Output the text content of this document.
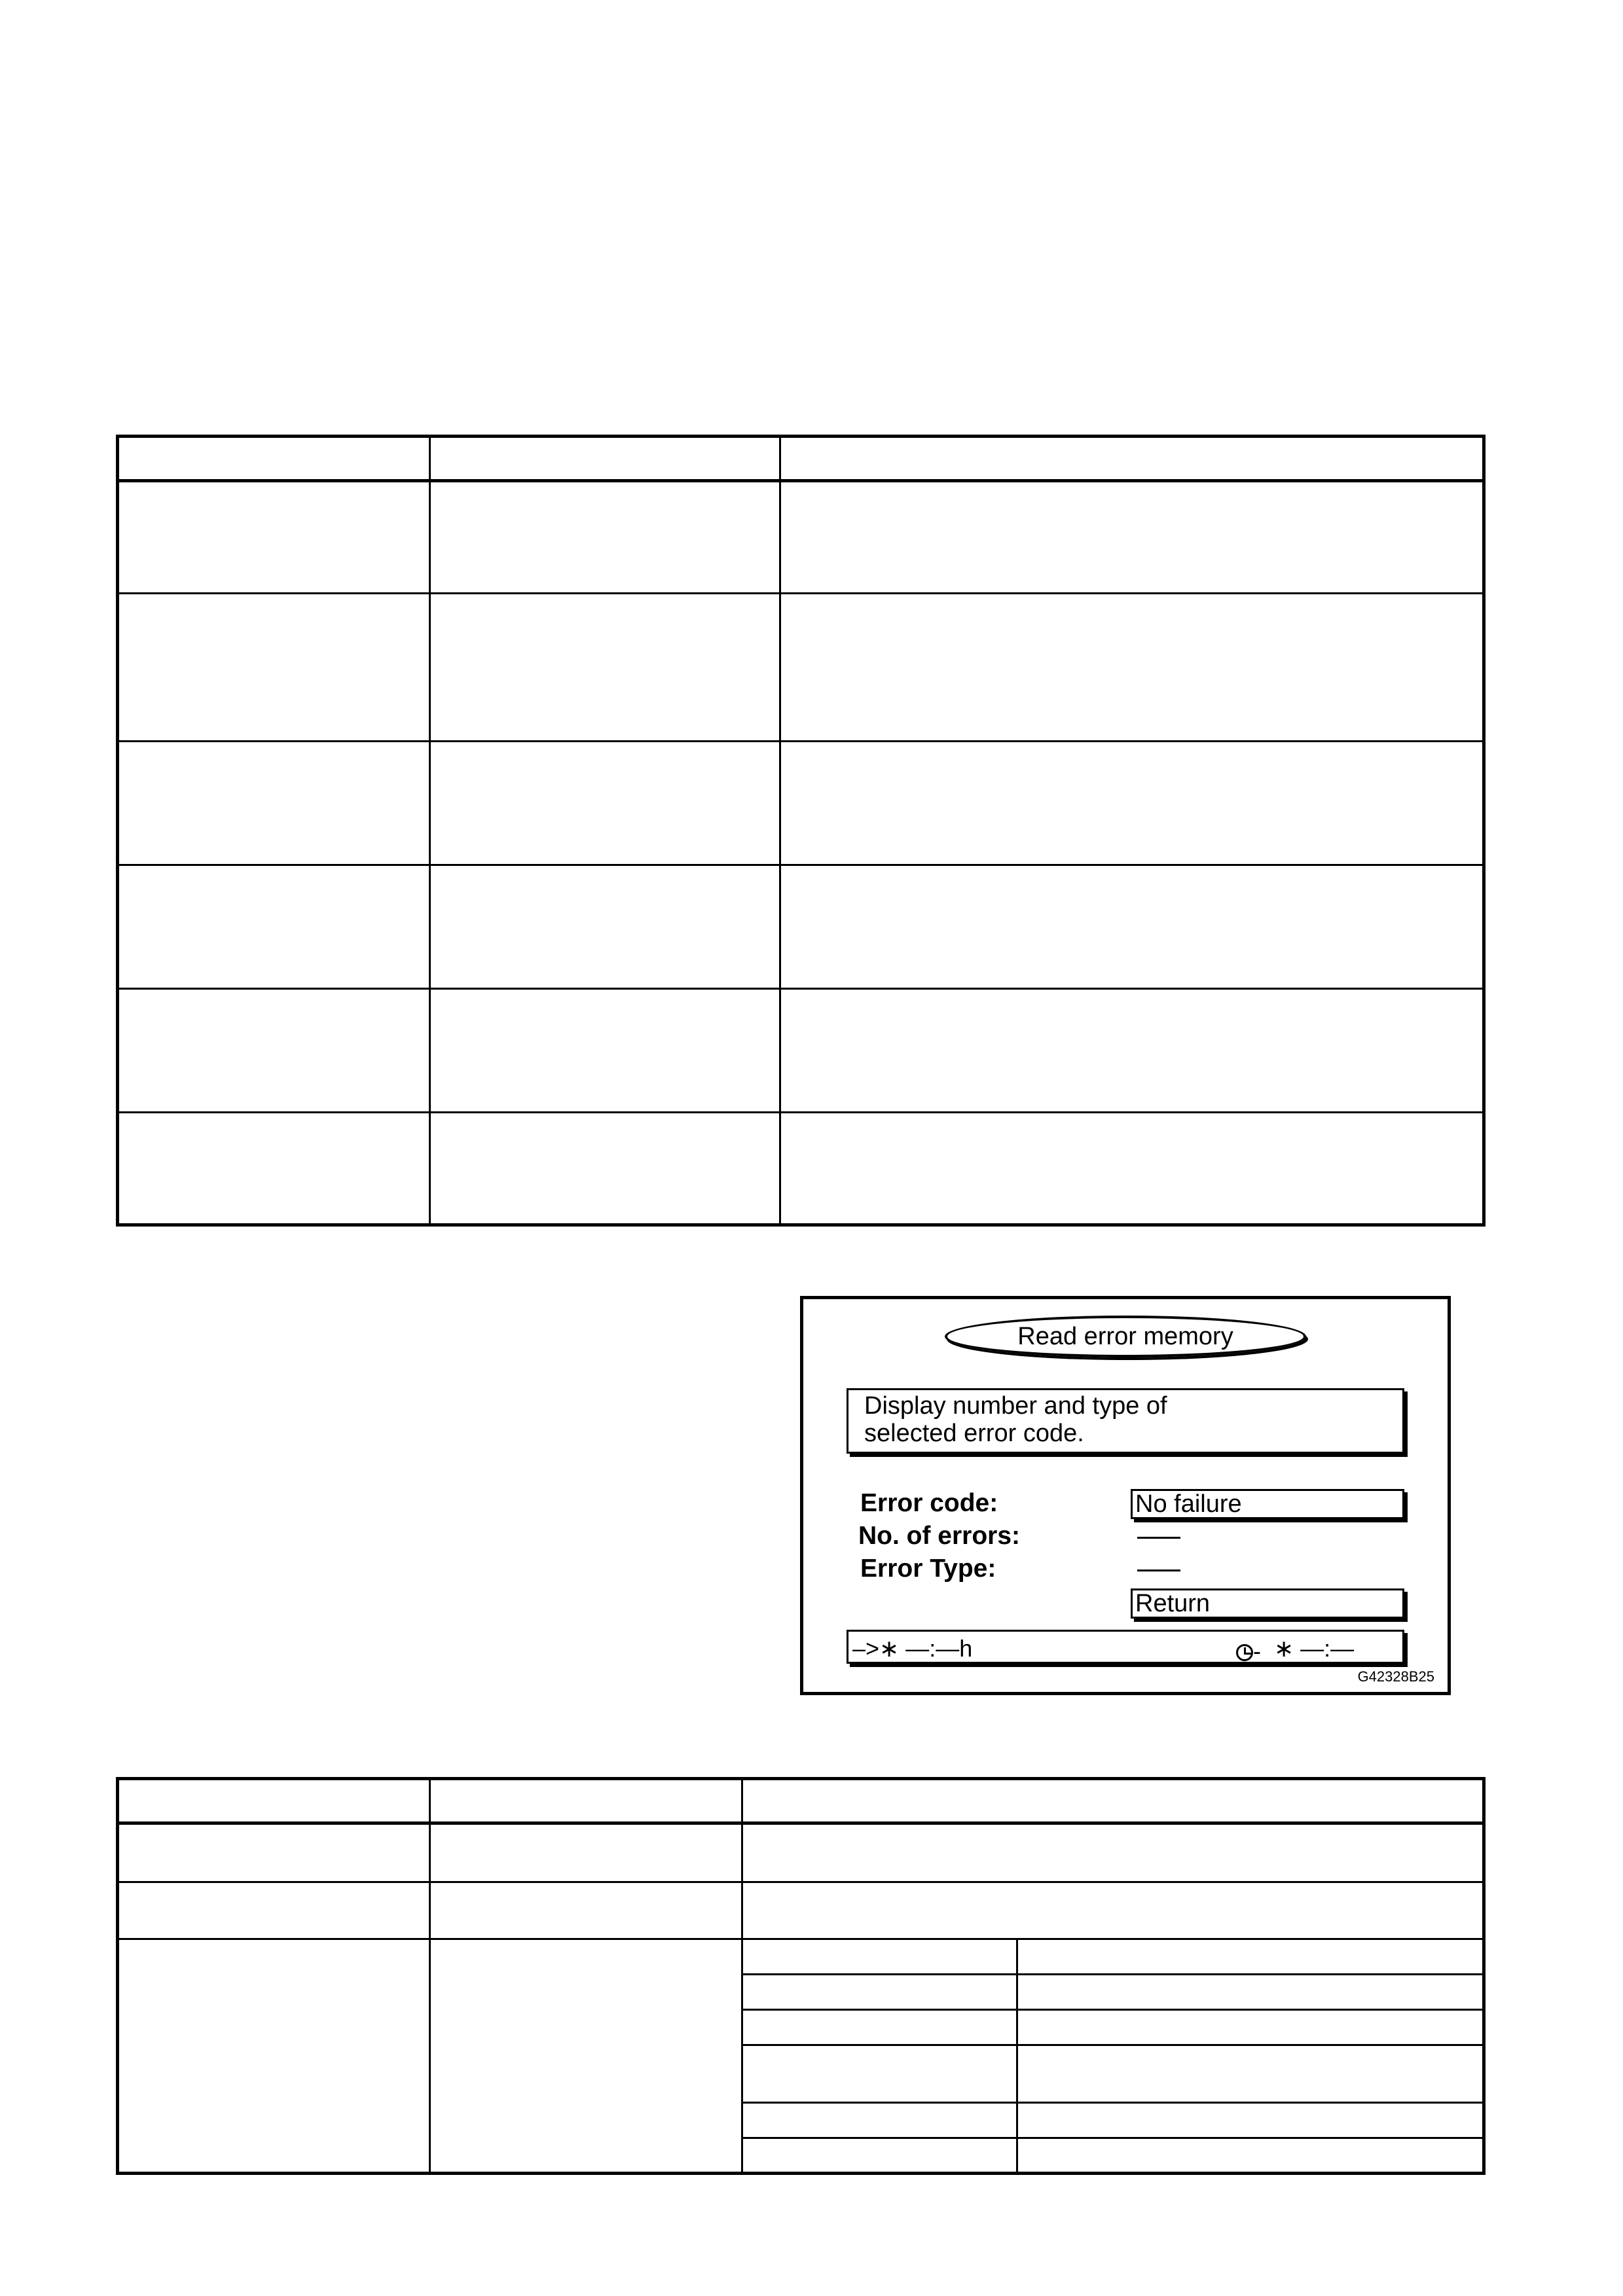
Read error memory
Display number and type of
selected error code.
Error code:	No failure
No. of errors:
Error Type:
Return
–>∗ —:—h	- ∗ —:—
G42328B25
